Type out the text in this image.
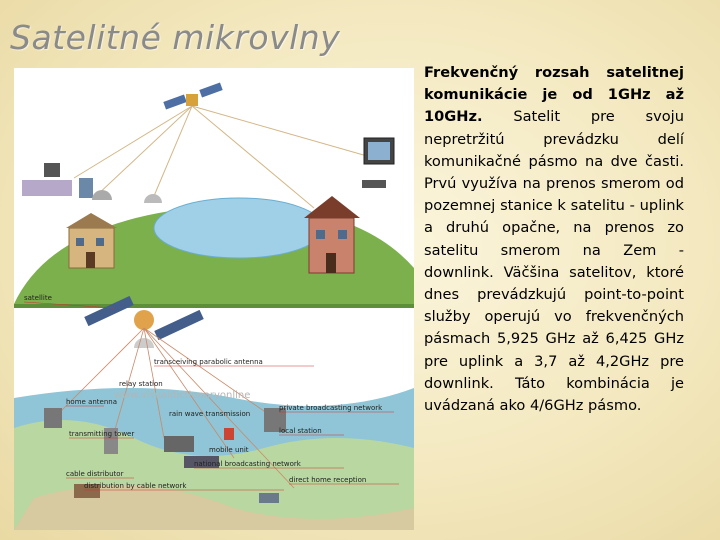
Satelitné mikrovlny
www.visualdictionaryonline
satellite
transceiving parabolic antenna
relay station
home antenna
rain wave transmission
private broadcasting network
transmitting tower	local station
mobile unit
national broadcasting network
cable distributor
direct home reception
distribution by cable network
Frekvenčný rozsah satelitnej komunikácie je od 1GHz až 10GHz. Satelit pre svoju nepretržitú prevádzku delí komunikačné pásmo na dve časti. Prvú využíva na prenos smerom od pozemnej stanice k satelitu - uplink a druhú opačne, na prenos zo satelitu smerom na Zem - downlink. Väčšina satelitov, ktoré dnes prevádzkujú point-to-point služby operujú vo frekvenčných pásmach 5,925 GHz až 6,425 GHz pre uplink a 3,7 až 4,2GHz pre downlink. Táto kombinácia je uvádzaná ako 4/6GHz pásmo.
